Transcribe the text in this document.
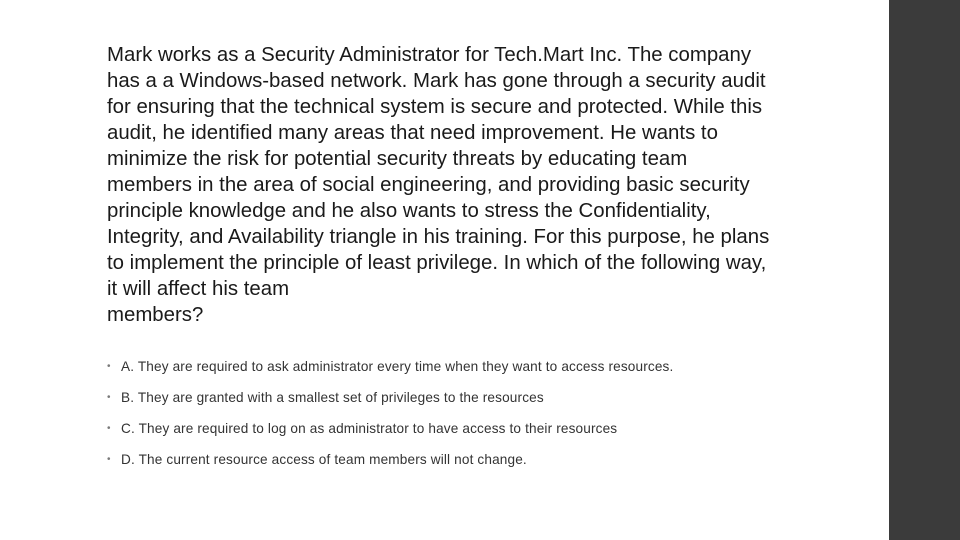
Mark works as a Security Administrator for Tech.Mart Inc. The company
has a a Windows-based network. Mark has gone through a security audit
for ensuring that the technical system is secure and protected. While this
audit, he identified many areas that need improvement. He wants to
minimize the risk for potential security threats by educating team
members in the area of social engineering, and providing basic security
principle knowledge and he also wants to stress the Confidentiality,
Integrity, and Availability triangle in his training. For this purpose, he plans
to implement the principle of least privilege. In which of the following way,
it will affect his team
members?
• A. They are required to ask administrator every time when they want to access resources.
• B. They are granted with a smallest set of privileges to the resources
• C. They are required to log on as administrator to have access to their resources
• D. The current resource access of team members will not change.
